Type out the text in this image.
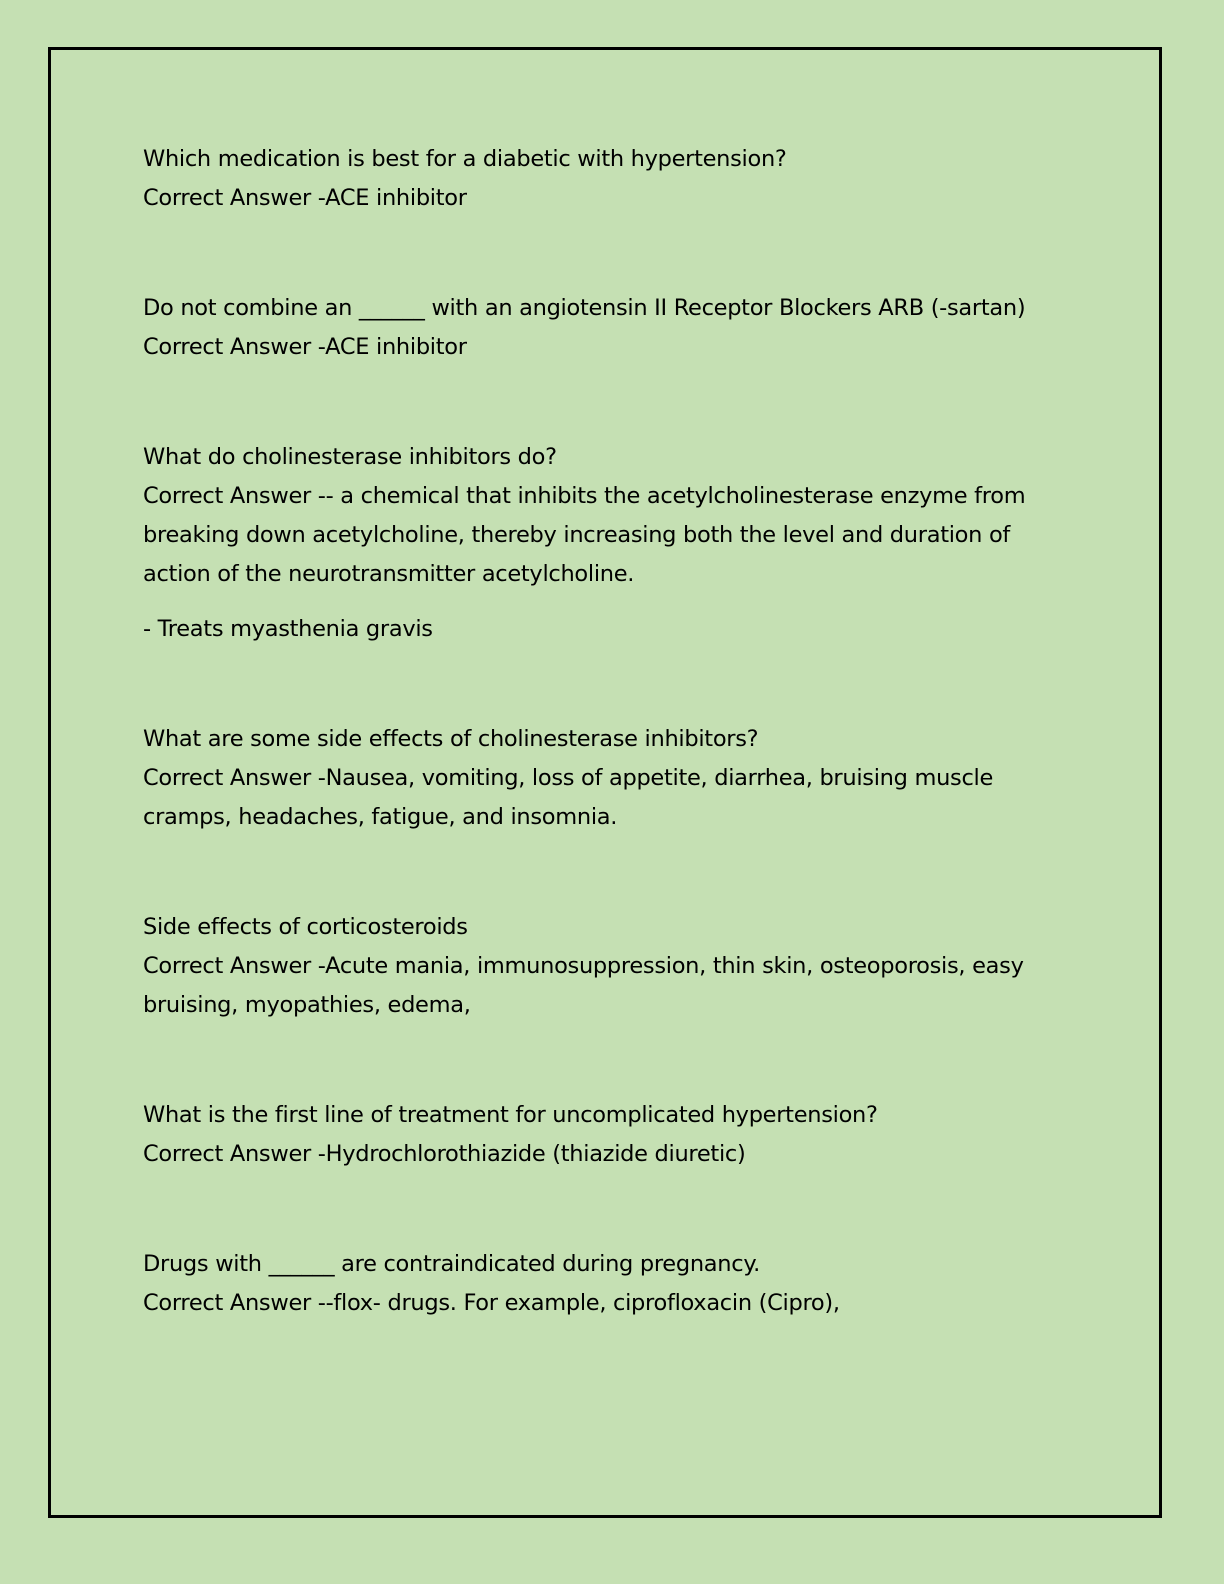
Which medication is best for a diabetic with hypertension?

Correct Answer -ACE inhibitor

Do not combine an ______ with an angiotensin II Receptor Blockers ARB (-sartan)

Correct Answer -ACE inhibitor

What do cholinesterase inhibitors do?

Correct Answer -- a chemical that inhibits the acetylcholinesterase enzyme from breaking down acetylcholine, thereby increasing both the level and duration of action of the neurotransmitter acetylcholine.

- Treats myasthenia gravis

What are some side effects of cholinesterase inhibitors?

Correct Answer -Nausea, vomiting, loss of appetite, diarrhea, bruising muscle cramps, headaches, fatigue, and insomnia.

Side effects of corticosteroids

Correct Answer -Acute mania, immunosuppression, thin skin, osteoporosis, easy bruising, myopathies, edema,

What is the first line of treatment for uncomplicated hypertension?

Correct Answer -Hydrochlorothiazide (thiazide diuretic)

Drugs with ______ are contraindicated during pregnancy.

Correct Answer --flox- drugs. For example, ciprofloxacin (Cipro),
